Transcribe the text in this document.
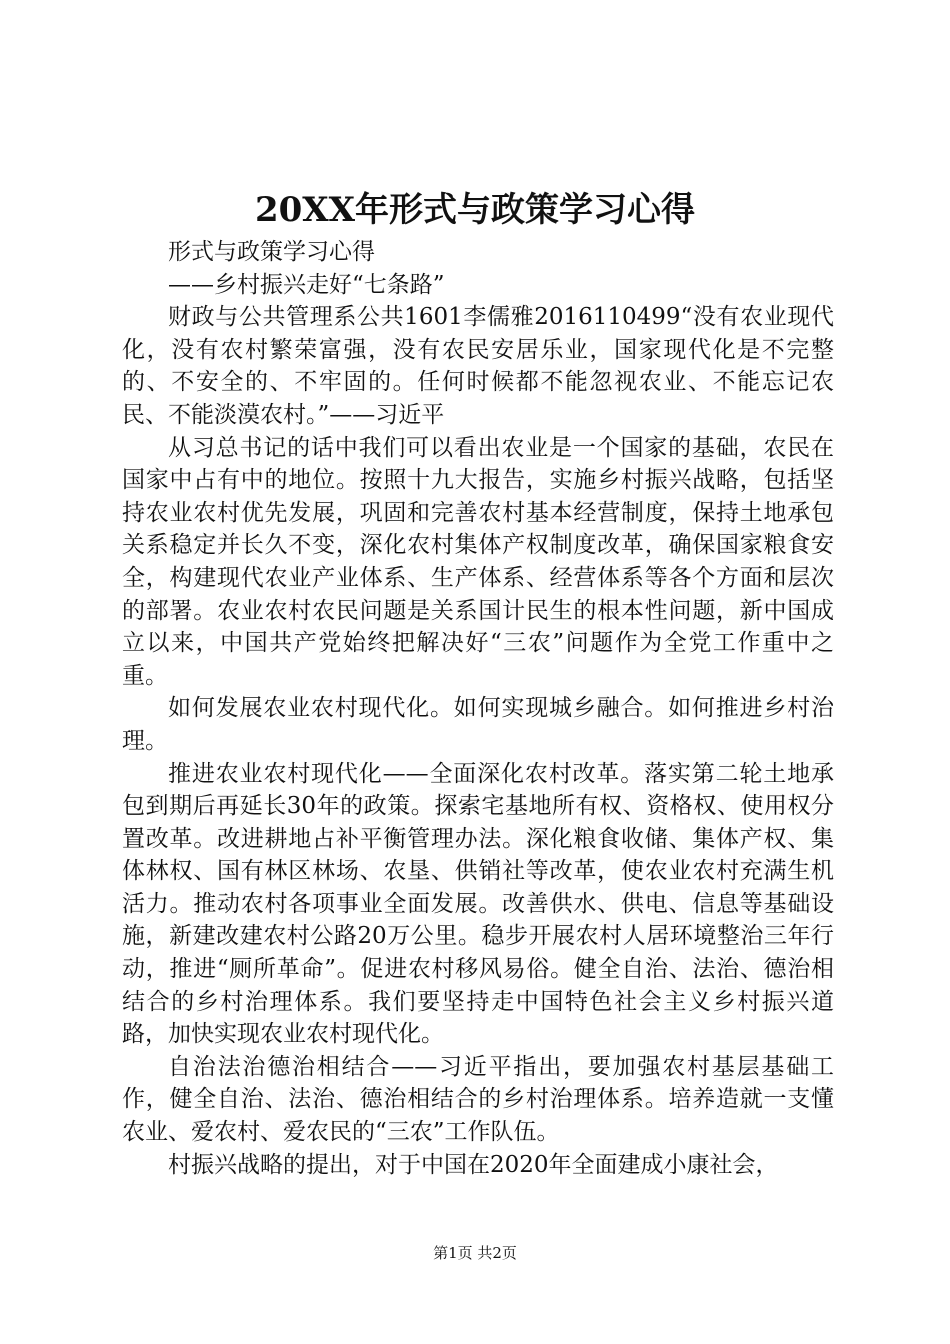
20XX年形式与政策学习心得

形式与政策学习心得

——乡村振兴走好“七条路”

财政与公共管理系公共1601李儒雅2016110499“没有农业现代化，没有农村繁荣富强，没有农民安居乐业，国家现代化是不完整的、不安全的、不牢固的。任何时候都不能忽视农业、不能忘记农民、不能淡漠农村。”——习近平

从习总书记的话中我们可以看出农业是一个国家的基础，农民在国家中占有中的地位。按照十九大报告，实施乡村振兴战略，包括坚持农业农村优先发展，巩固和完善农村基本经营制度，保持土地承包关系稳定并长久不变，深化农村集体产权制度改革，确保国家粮食安全，构建现代农业产业体系、生产体系、经营体系等各个方面和层次的部署。农业农村农民问题是关系国计民生的根本性问题，新中国成立以来，中国共产党始终把解决好“三农”问题作为全党工作重中之重。

如何发展农业农村现代化。如何实现城乡融合。如何推进乡村治理。

推进农业农村现代化——全面深化农村改革。落实第二轮土地承包到期后再延长30年的政策。探索宅基地所有权、资格权、使用权分置改革。改进耕地占补平衡管理办法。深化粮食收储、集体产权、集体林权、国有林区林场、农垦、供销社等改革，使农业农村充满生机活力。推动农村各项事业全面发展。改善供水、供电、信息等基础设施，新建改建农村公路20万公里。稳步开展农村人居环境整治三年行动，推进“厕所革命”。促进农村移风易俗。健全自治、法治、德治相结合的乡村治理体系。我们要坚持走中国特色社会主义乡村振兴道路，加快实现农业农村现代化。

自治法治德治相结合——习近平指出，要加强农村基层基础工作，健全自治、法治、德治相结合的乡村治理体系。培养造就一支懂农业、爱农村、爱农民的“三农”工作队伍。

村振兴战略的提出，对于中国在2020年全面建成小康社会，

第1页 共2页
